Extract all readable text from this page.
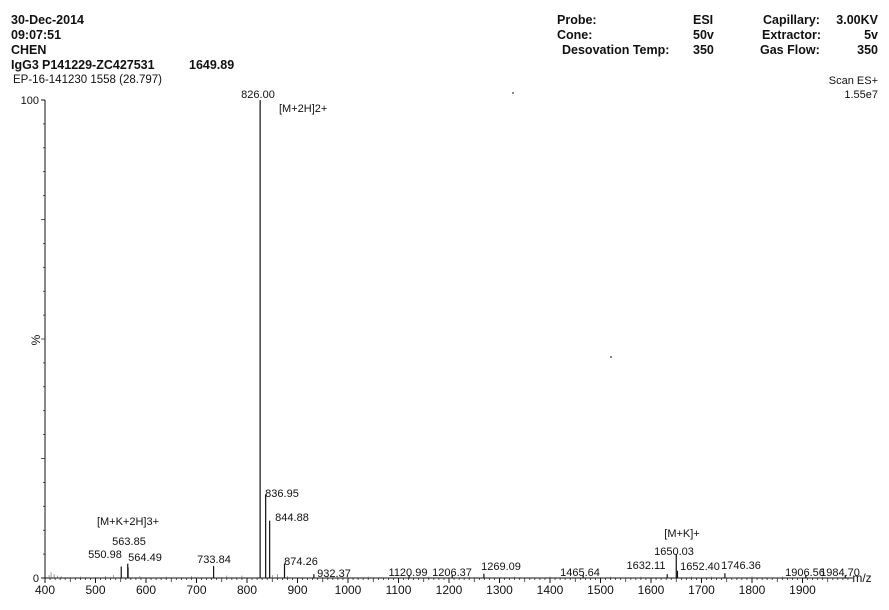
30-Dec-2014
09:07:51
CHEN
IgG3 P141229-ZC427531	1649.89
EP-16-141230 1558 (28.797)
Probe:	ESI	Capillary:	3.00KV
Cone:	50v	Extractor:	5v
Desovation Temp: 350	Gas Flow:	350
Scan ES+
1.55e7
100
0
%
400	500	600	700	800	900 1000 1100 1200 1300 1400 1500 1600 1700 1800 1900
m/z
550.98
563.85
564.49	733.84
826.00
836.95
844.88
874.26
932.37	1120.99 1206.37 1269.09	1465.64
1632.11
1650.03
1652.40 1746.36
1906.56
1984.70
[M+2H]2+
[M+K+2H]3+
[M+K]+
